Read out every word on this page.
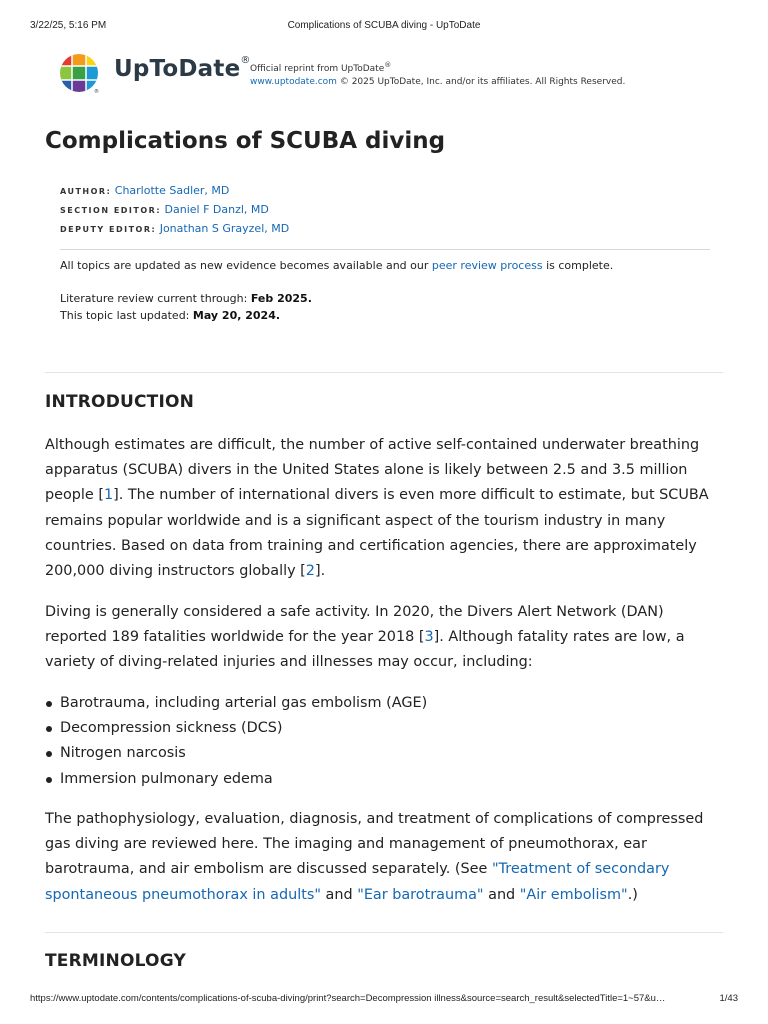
3/22/25, 5:16 PM	Complications of SCUBA diving - UpToDate
®
UpToDate®
Official reprint from UpToDate®
www.uptodate.com © 2025 UpToDate, Inc. and/or its affiliates. All Rights Reserved.
Complications of SCUBA diving
AUTHOR: Charlotte Sadler, MD
SECTION EDITOR: Daniel F Danzl, MD
DEPUTY EDITOR: Jonathan S Grayzel, MD
All topics are updated as new evidence becomes available and our peer review process is complete.
Literature review current through: Feb 2025.
This topic last updated: May 20, 2024.
INTRODUCTION

Although estimates are difficult, the number of active self-contained underwater breathing apparatus (SCUBA) divers in the United States alone is likely between 2.5 and 3.5 million people [1]. The number of international divers is even more difficult to estimate, but SCUBA remains popular worldwide and is a significant aspect of the tourism industry in many countries. Based on data from training and certification agencies, there are approximately 200,000 diving instructors globally [2].

Diving is generally considered a safe activity. In 2020, the Divers Alert Network (DAN) reported 189 fatalities worldwide for the year 2018 [3]. Although fatality rates are low, a variety of diving-related injuries and illnesses may occur, including:

Barotrauma, including arterial gas embolism (AGE)
Decompression sickness (DCS)
Nitrogen narcosis
Immersion pulmonary edema

The pathophysiology, evaluation, diagnosis, and treatment of complications of compressed gas diving are reviewed here. The imaging and management of pneumothorax, ear barotrauma, and air embolism are discussed separately. (See "Treatment of secondary spontaneous pneumothorax in adults" and "Ear barotrauma" and "Air embolism".)

TERMINOLOGY
https://www.uptodate.com/contents/complications-of-scuba-diving/print?search=Decompression illness&source=search_result&selectedTitle=1~57&u…	1/43
